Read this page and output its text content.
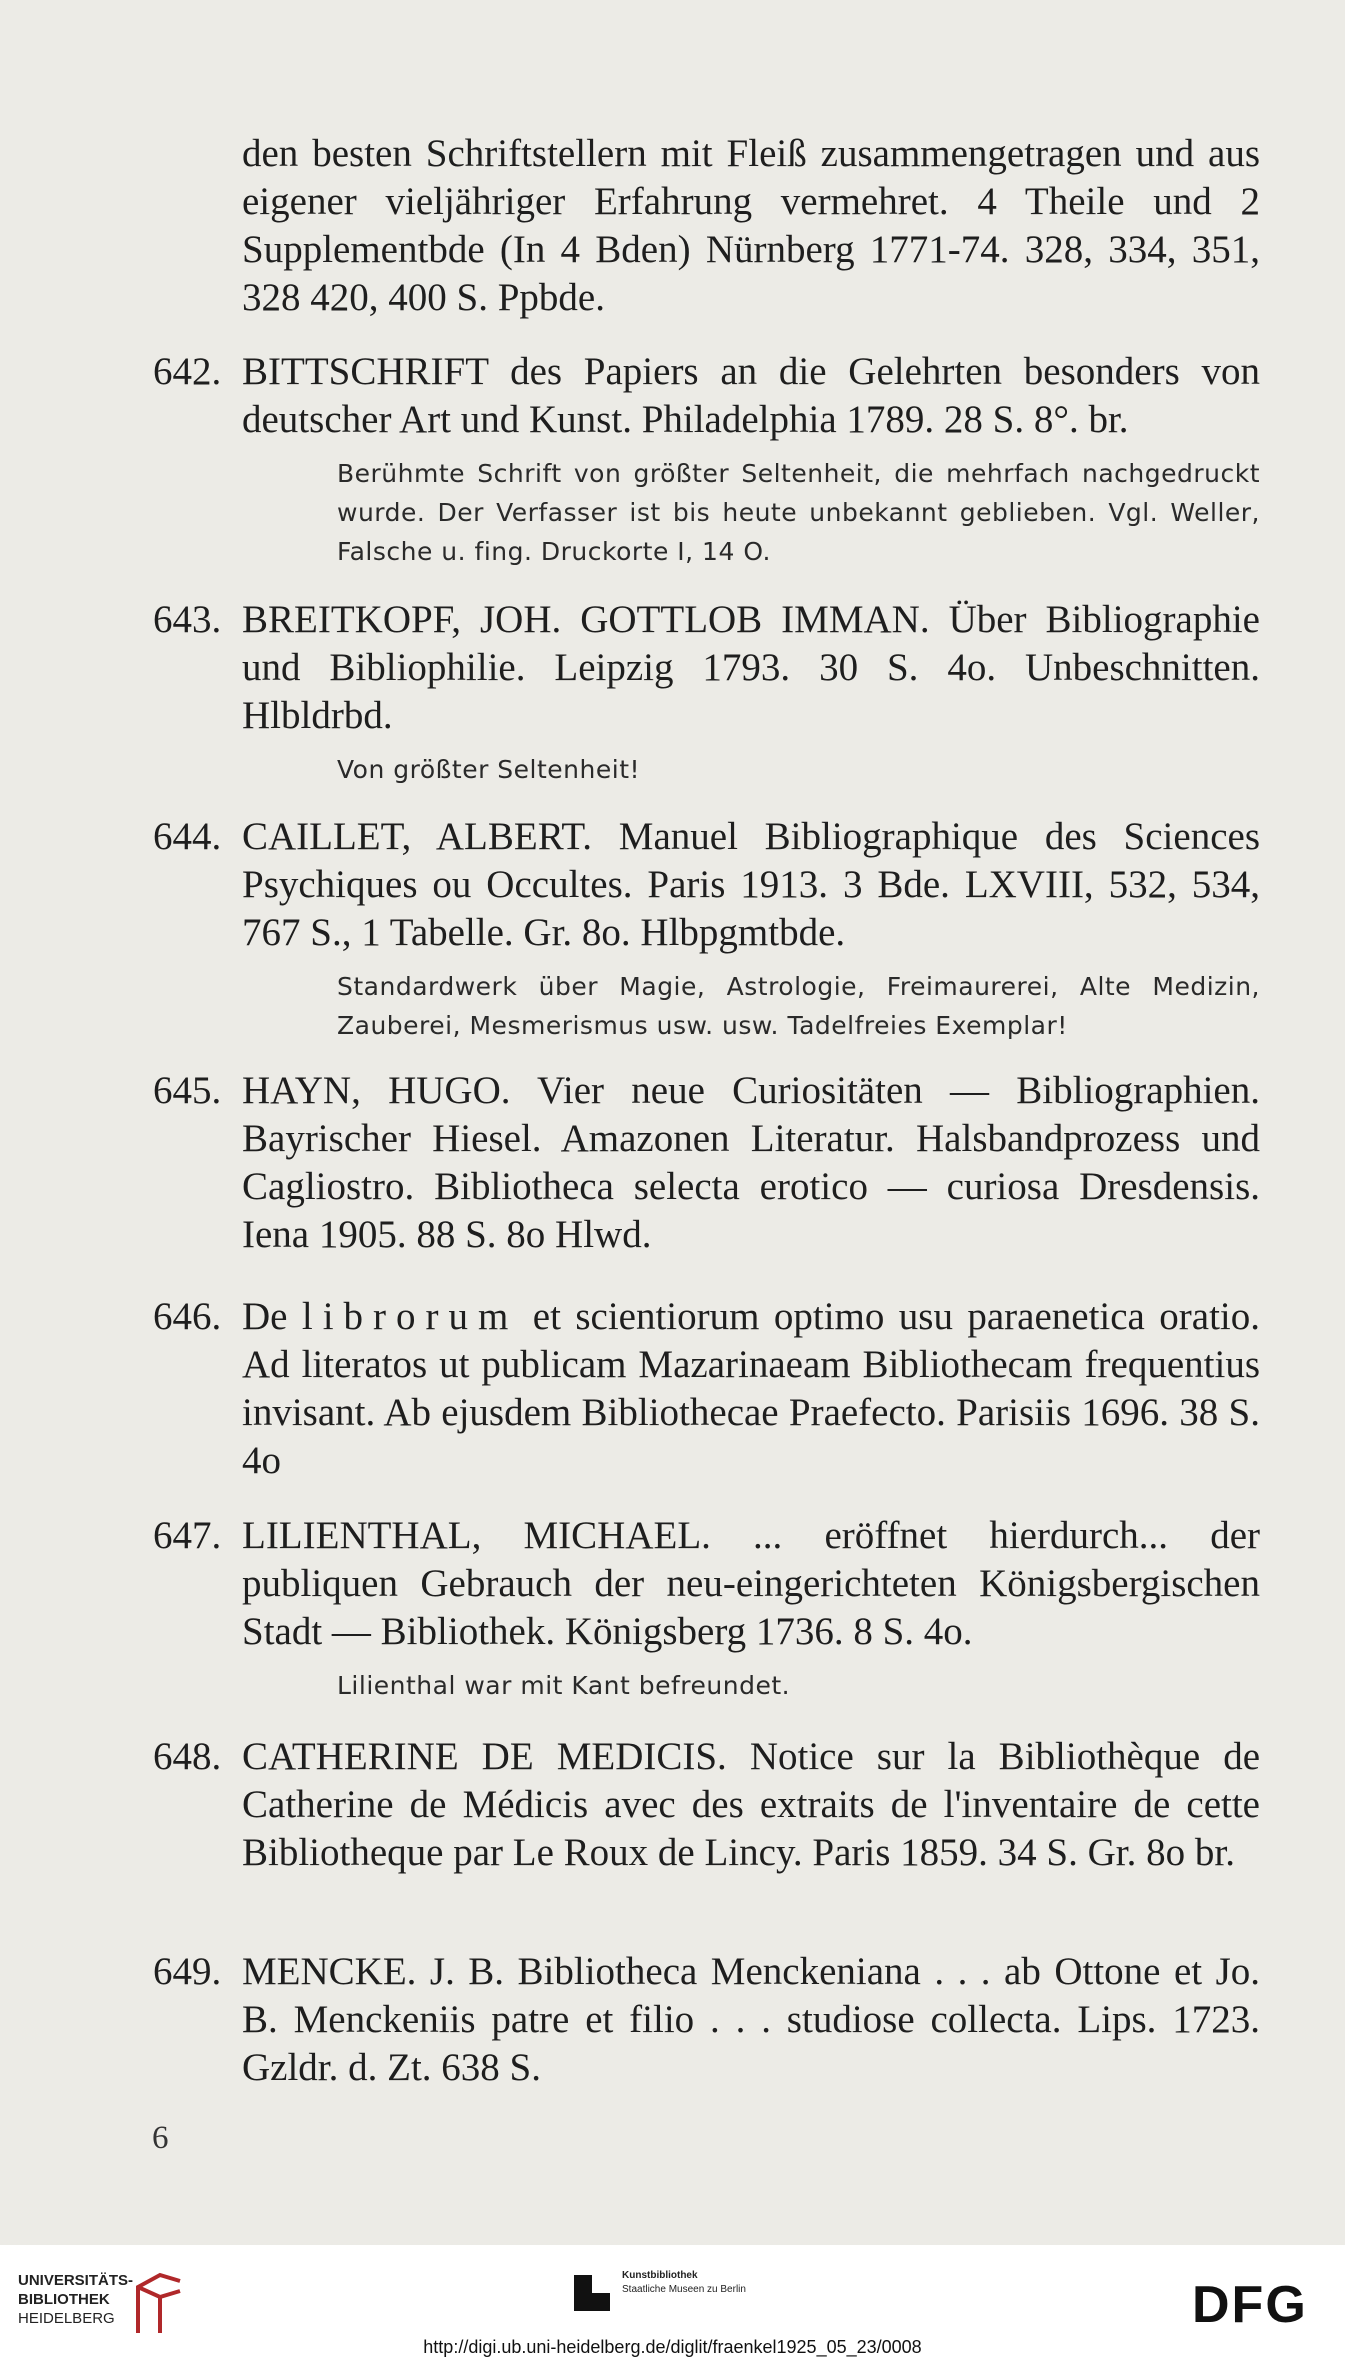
den besten Schriftstellern mit Fleiß zusammengetragen und aus eigener vieljähriger Erfahrung vermehret. 4 Theile und 2 Supplementbde (In 4 Bden) Nürnberg 1771-74. 328, 334, 351, 328 420, 400 S. Ppbde.
642. BITTSCHRIFT des Papiers an die Gelehrten besonders von deutscher Art und Kunst. Philadelphia 1789. 28 S. 8°. br.
Berühmte Schrift von größter Seltenheit, die mehrfach nachgedruckt wurde. Der Verfasser ist bis heute unbekannt geblieben. Vgl. Weller, Falsche u. fing. Druckorte I, 14 O.
643. BREITKOPF, JOH. GOTTLOB IMMAN. Über Bibliographie und Bibliophilie. Leipzig 1793. 30 S. 4o. Unbeschnitten. Hlbldrbd.
Von größter Seltenheit!
644. CAILLET, ALBERT. Manuel Bibliographique des Sciences Psychiques ou Occultes. Paris 1913. 3 Bde. LXVIII, 532, 534, 767 S., 1 Tabelle. Gr. 8o. Hlbpgmtbde.
Standardwerk über Magie, Astrologie, Freimaurerei, Alte Medizin, Zauberei, Mesmerismus usw. usw. Tadelfreies Exemplar!
645. HAYN, HUGO. Vier neue Curiositäten — Bibliographien. Bayrischer Hiesel. Amazonen Literatur. Halsbandprozess und Cagliostro. Bibliotheca selecta erotico — curiosa Dresdensis. Iena 1905. 88 S. 8o Hlwd.
646. De librorum et scientiorum optimo usu paraenetica oratio. Ad literatos ut publicam Mazarinaeam Bibliothecam frequentius invisant. Ab ejusdem Bibliothecae Praefecto. Parisiis 1696. 38 S. 4o
647. LILIENTHAL, MICHAEL. ... eröffnet hierdurch... der publiquen Gebrauch der neu-eingerichteten Königsbergischen Stadt — Bibliothek. Königsberg 1736. 8 S. 4o.
Lilienthal war mit Kant befreundet.
648. CATHERINE DE MEDICIS. Notice sur la Bibliothèque de Catherine de Médicis avec des extraits de l'inventaire de cette Bibliotheque par Le Roux de Lincy. Paris 1859. 34 S. Gr. 8o br.
649. MENCKE. J. B. Bibliotheca Menckeniana . . . ab Ottone et Jo. B. Menckeniis patre et filio . . . studiose collecta. Lips. 1723. Gzldr. d. Zt. 638 S.
6
UNIVERSITÄTS-
BIBLIOTHEK
HEIDELBERG
Kunstbibliothek
Staatliche Museen zu Berlin	DFG
http://digi.ub.uni-heidelberg.de/diglit/fraenkel1925_05_23/0008
